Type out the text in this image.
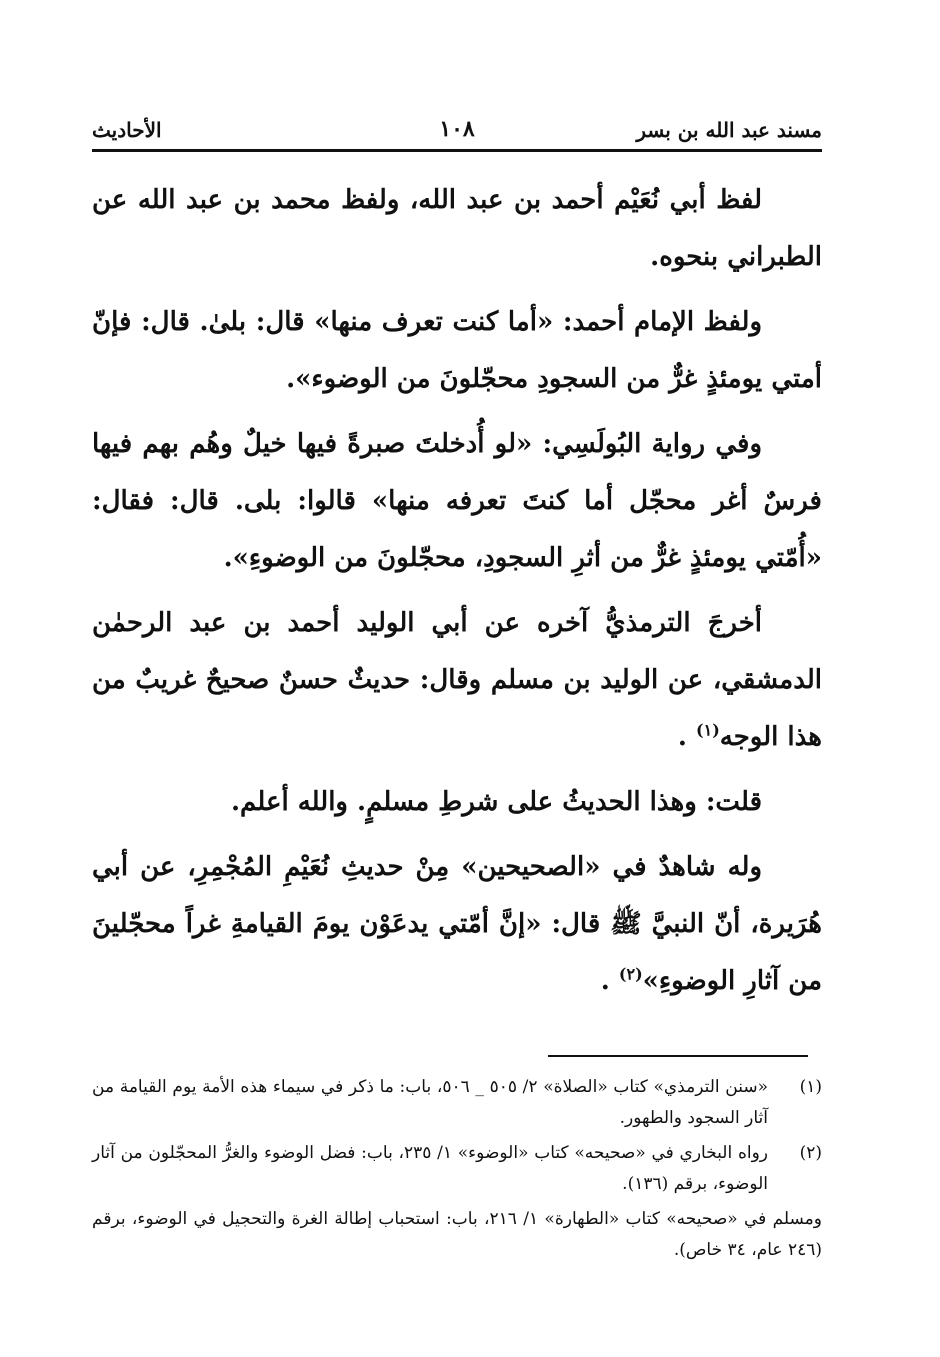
مسند عبد الله بن بسر
١٠٨
الأحاديث

لفظ أبي نُعَيْم أحمد بن عبد الله، ولفظ محمد بن عبد الله عن الطبراني بنحوه.

ولفظ الإمام أحمد: «أما كنت تعرف منها» قال: بلىٰ. قال: فإنّ أمتي يومئذٍ غرٌّ من السجودِ محجّلونَ من الوضوء».

وفي رواية البُولَسِي: «لو أُدخلتَ صبرةً فيها خيلٌ وهُم بهم فيها فرسٌ أغر محجّل أما كنتَ تعرفه منها» قالوا: بلى. قال: فقال: «أُمّتي يومئذٍ غرٌّ من أثرِ السجودِ، محجّلونَ من الوضوءِ».

أخرجَ الترمذيُّ آخره عن أبي الوليد أحمد بن عبد الرحمٰن الدمشقي، عن الوليد بن مسلم وقال: حديثٌ حسنٌ صحيحٌ غريبٌ من هذا الوجه$^{(١)}$ .

قلت: وهذا الحديثُ على شرطِ مسلمٍ. والله أعلم.

وله شاهدٌ في «الصحيحين» مِنْ حديثِ نُعَيْمِ المُجْمِرِ، عن أبي هُرَيرة، أنّ النبيَّ ﷺ قال: «إنَّ أمّتي يدعَوْن يومَ القيامةِ غراً محجّلينَ من آثارِ الوضوءِ»$^{(٢)}$ .

(١)
«سنن الترمذي» كتاب «الصلاة» ٢/ ٥٠٥ _ ٥٠٦، باب: ما ذكر في سيماء هذه الأمة يوم القيامة من آثار السجود والطهور.
(٢)
رواه البخاري في «صحيحه» كتاب «الوضوء» ١/ ٢٣٥، باب: فضل الوضوء والغرُّ المحجّلون من آثار الوضوء، برقم (١٣٦).
ومسلم في «صحيحه» كتاب «الطهارة» ١/ ٢١٦، باب: استحباب إطالة الغرة والتحجيل في الوضوء، برقم (٢٤٦ عام، ٣٤ خاص).
